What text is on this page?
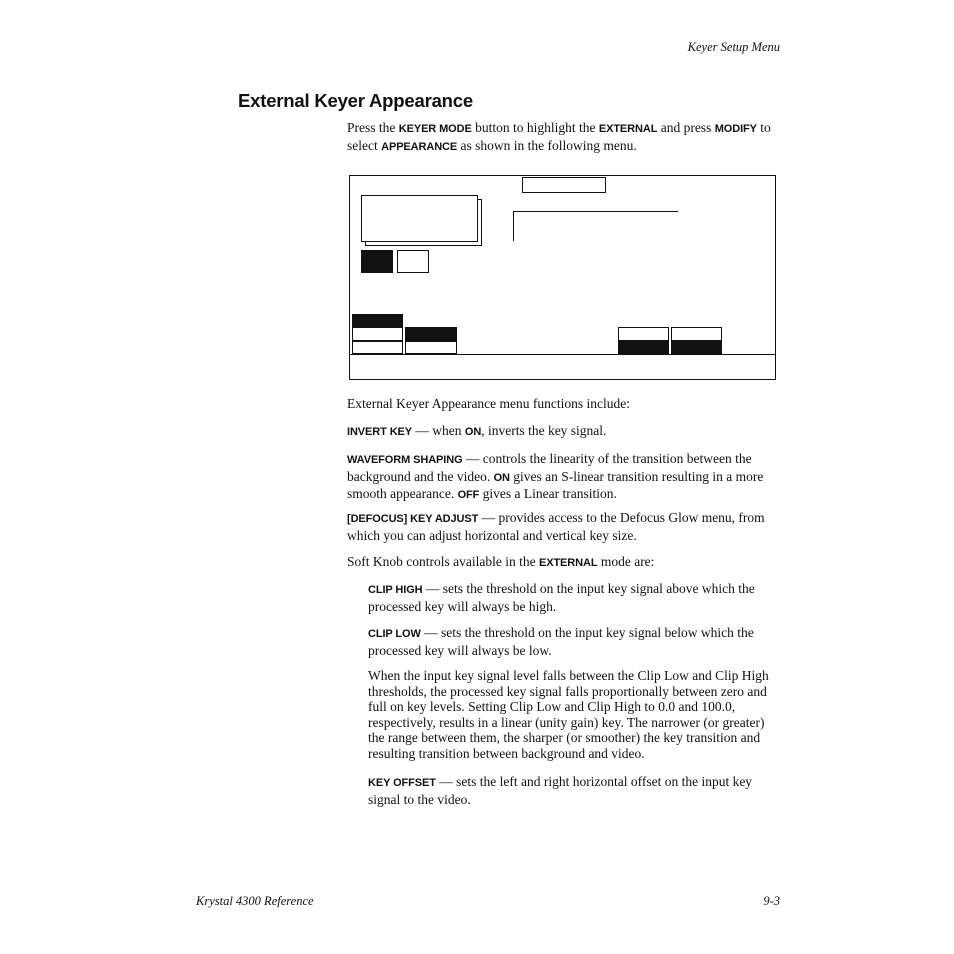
Keyer Setup Menu
External Keyer Appearance
Press the KEYER MODE button to highlight the EXTERNAL and press MODIFY to select APPEARANCE as shown in the following menu.
External Keyer Appearance menu functions include:
INVERT KEY — when ON, inverts the key signal.
WAVEFORM SHAPING — controls the linearity of the transition between the background and the video. ON gives an S-linear transition resulting in a more smooth appearance. OFF gives a Linear transition.
[DEFOCUS] KEY ADJUST — provides access to the Defocus Glow menu, from which you can adjust horizontal and vertical key size.
Soft Knob controls available in the EXTERNAL mode are:
CLIP HIGH — sets the threshold on the input key signal above which the processed key will always be high.
CLIP LOW — sets the threshold on the input key signal below which the processed key will always be low.
When the input key signal level falls between the Clip Low and Clip High thresholds, the processed key signal falls proportionally between zero and full on key levels. Setting Clip Low and Clip High to 0.0 and 100.0, respectively, results in a linear (unity gain) key. The narrower (or greater) the range between them, the sharper (or smoother) the key transition and resulting transition between background and video.
KEY OFFSET — sets the left and right horizontal offset on the input key signal to the video.
Krystal 4300 Reference	9-3
